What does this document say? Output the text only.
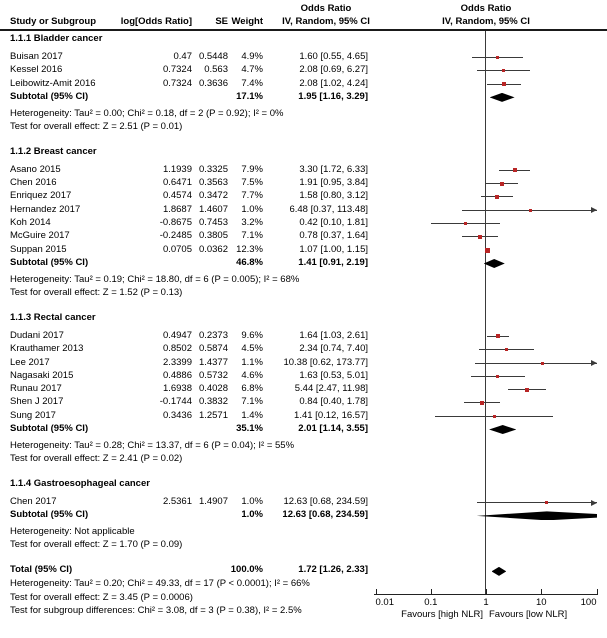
Study or Subgroup	log[Odds Ratio]	SE Weight
Odds Ratio
IV, Random, 95% CI
Odds Ratio
IV, Random, 95% CI
1.1.1 Bladder cancer
Buisan 2017	0.47 0.5448	4.9%	1.60 [0.55, 4.65]
Kessel 2016	0.7324	0.563	4.7%	2.08 [0.69, 6.27]
Leibowitz-Amit 2016	0.7324 0.3636	7.4%	2.08 [1.02, 4.24]
Subtotal (95% CI)	17.1%	1.95 [1.16, 3.29]
Heterogeneity: Tau² = 0.00; Chi² = 0.18, df = 2 (P = 0.92); I² = 0%
Test for overall effect: Z = 2.51 (P = 0.01)
1.1.2 Breast cancer
Asano 2015	1.1939 0.3325	7.9%	3.30 [1.72, 6.33]
Chen 2016	0.6471 0.3563	7.5%	1.91 [0.95, 3.84]
Enriquez 2017	0.4574 0.3472	7.7%	1.58 [0.80, 3.12]
Hernandez 2017	1.8687 1.4607	1.0%	6.48 [0.37, 113.48]
Koh 2014	-0.8675 0.7453	3.2%	0.42 [0.10, 1.81]
McGuire 2017	-0.2485 0.3805	7.1%	0.78 [0.37, 1.64]
Suppan 2015	0.0705 0.0362 12.3%	1.07 [1.00, 1.15]
Subtotal (95% CI)	46.8%	1.41 [0.91, 2.19]
Heterogeneity: Tau² = 0.19; Chi² = 18.80, df = 6 (P = 0.005); I² = 68%
Test for overall effect: Z = 1.52 (P = 0.13)
1.1.3 Rectal cancer
Dudani 2017	0.4947 0.2373	9.6%	1.64 [1.03, 2.61]
Krauthamer 2013	0.8502 0.5874	4.5%	2.34 [0.74, 7.40]
Lee 2017	2.3399 1.4377	1.1%	10.38 [0.62, 173.77]
Nagasaki 2015	0.4886 0.5732	4.6%	1.63 [0.53, 5.01]
Runau 2017	1.6938 0.4028	6.8%	5.44 [2.47, 11.98]
Shen J 2017	-0.1744 0.3832	7.1%	0.84 [0.40, 1.78]
Sung 2017	0.3436 1.2571	1.4%	1.41 [0.12, 16.57]
Subtotal (95% CI)	35.1%	2.01 [1.14, 3.55]
Heterogeneity: Tau² = 0.28; Chi² = 13.37, df = 6 (P = 0.04); I² = 55%
Test for overall effect: Z = 2.41 (P = 0.02)
1.1.4 Gastroesophageal cancer
Chen 2017	2.5361 1.4907	1.0%	12.63 [0.68, 234.59]
Subtotal (95% CI)	1.0%	12.63 [0.68, 234.59]
Heterogeneity: Not applicable
Test for overall effect: Z = 1.70 (P = 0.09)
Total (95% CI)	100.0%	1.72 [1.26, 2.33]
Heterogeneity: Tau² = 0.20; Chi² = 49.33, df = 17 (P < 0.0001); I² = 66%
Test for overall effect: Z = 3.45 (P = 0.0006)
Test for subgroup differences: Chi² = 3.08, df = 3 (P = 0.38), I² = 2.5%
0.01	0.1	1	10	100
Favours [high NLR] Favours [low NLR]
